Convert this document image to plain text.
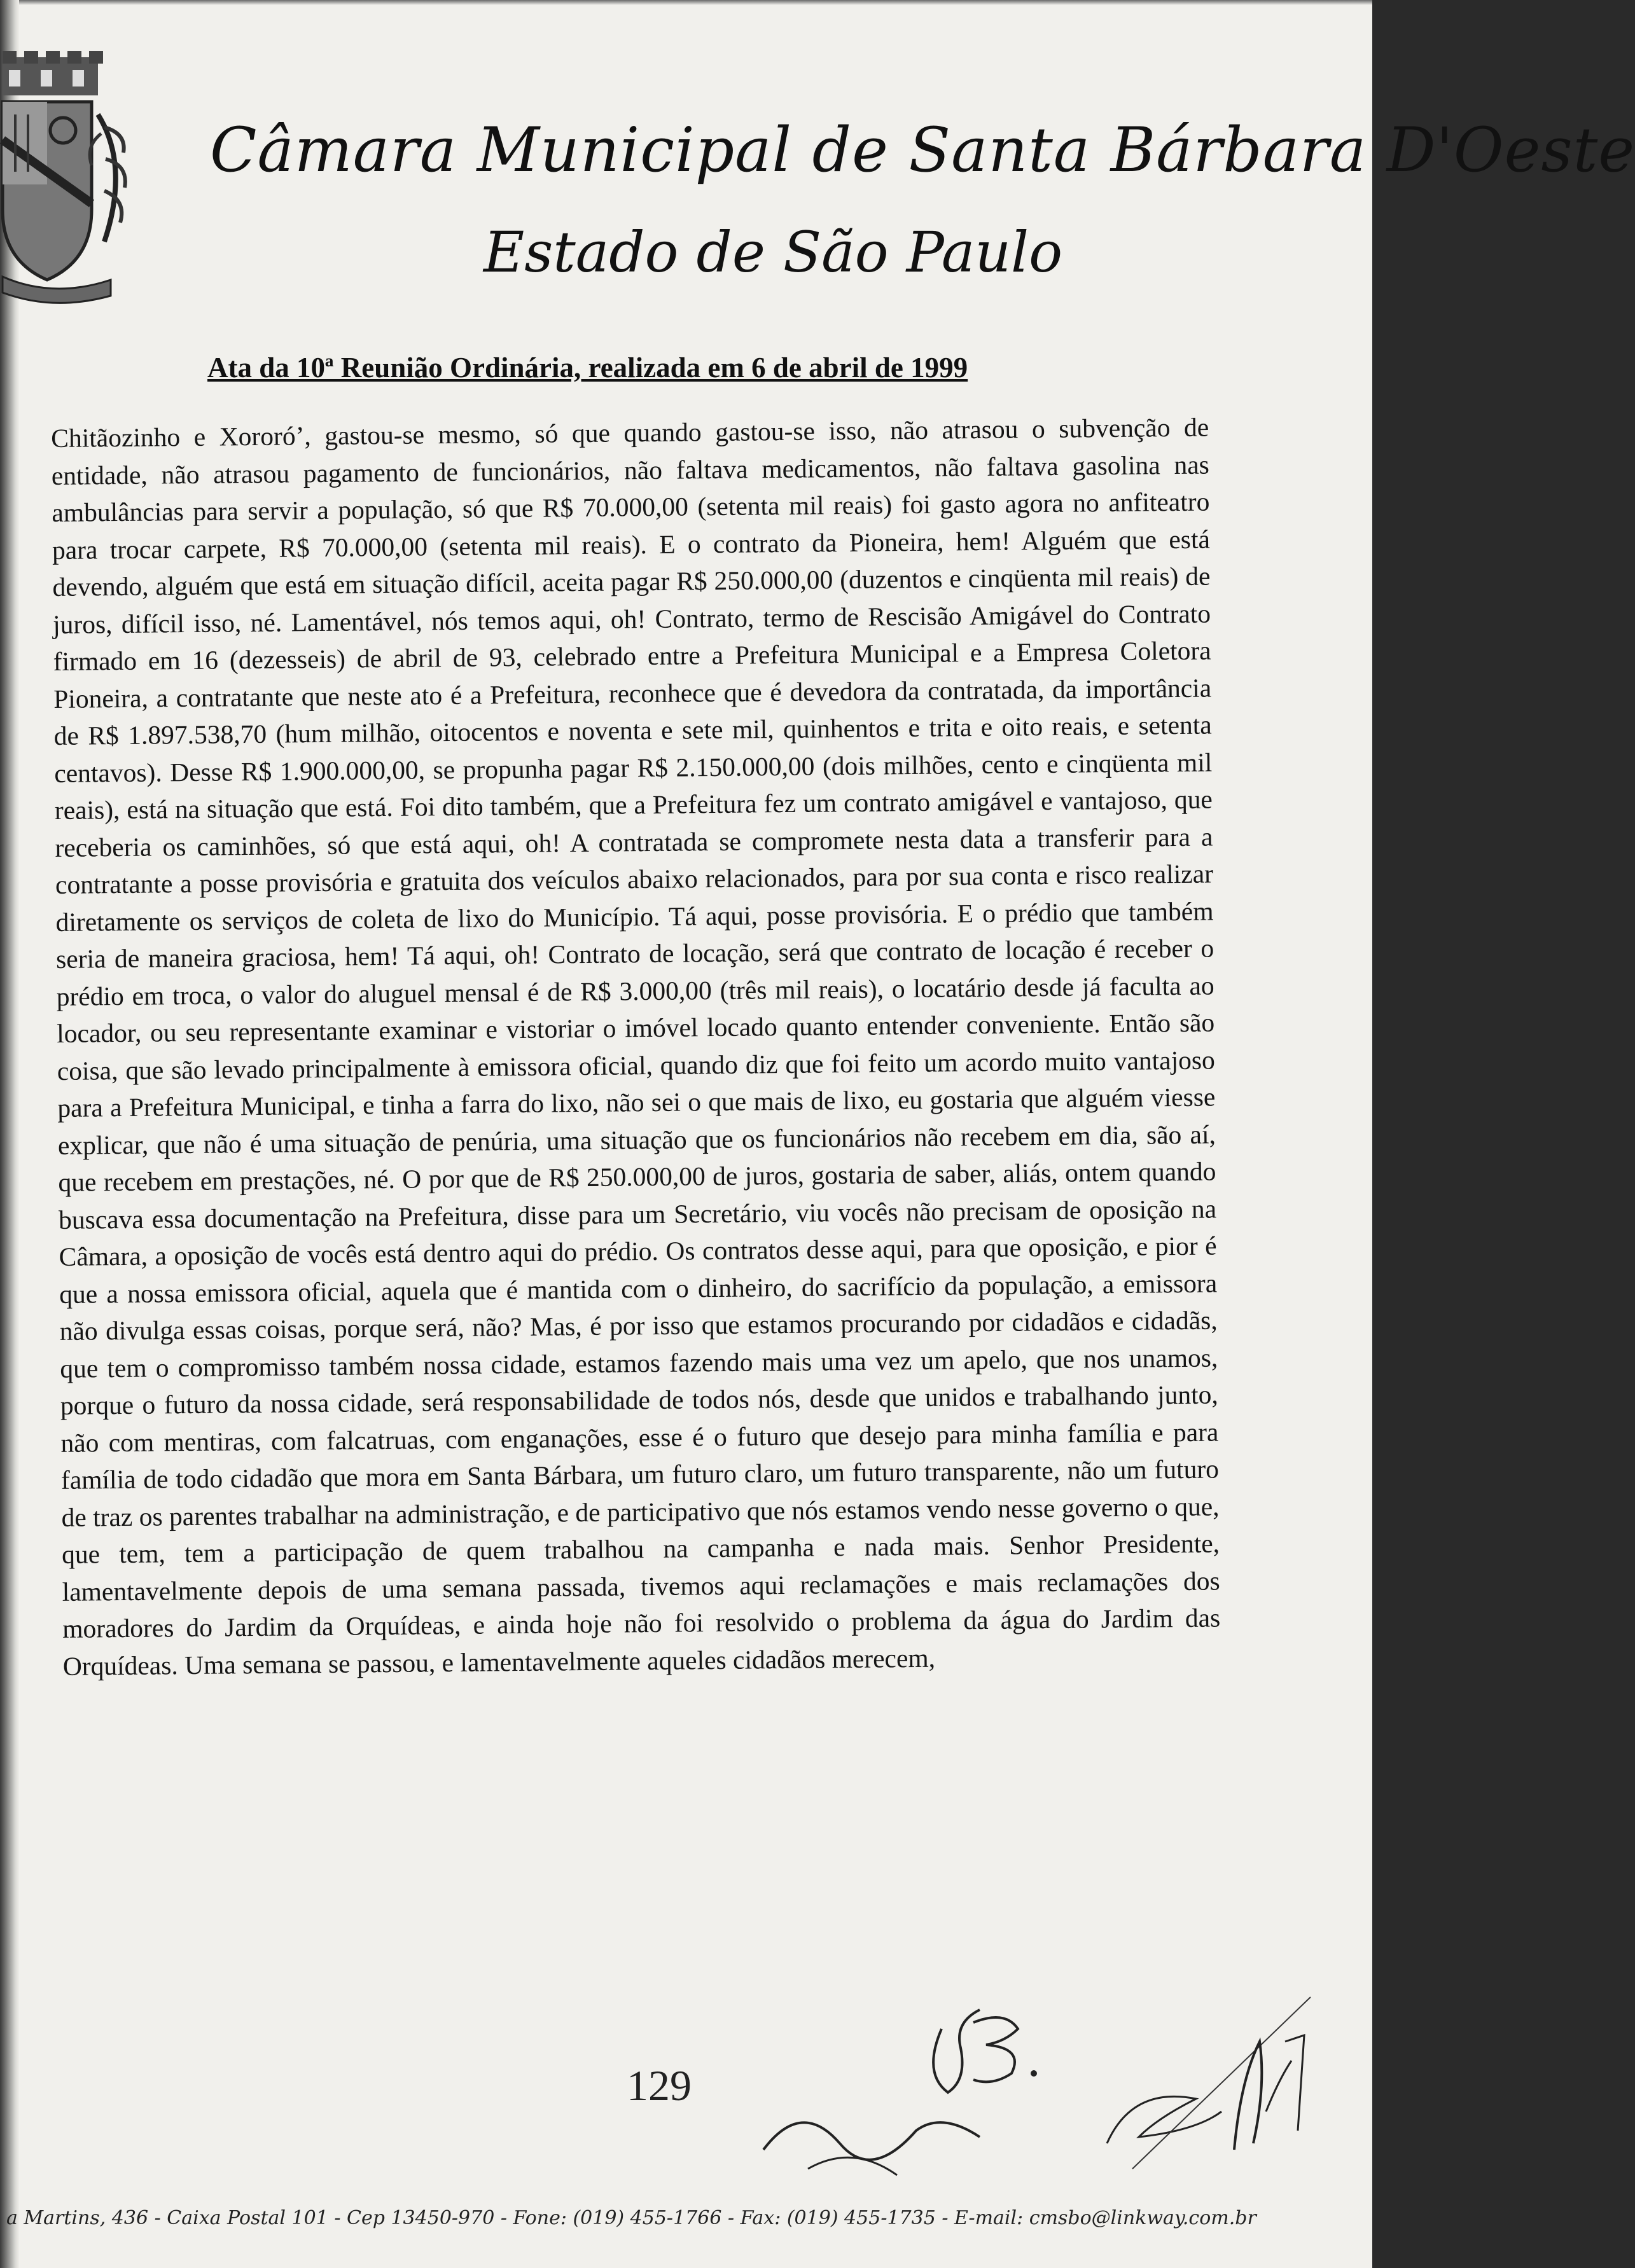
Câmara Municipal de Santa Bárbara D'Oeste
Estado de São Paulo
Ata da 10ª Reunião Ordinária, realizada em 6 de abril de 1999
Chitãozinho e Xororó’, gastou-se mesmo, só que quando gastou-se isso, não atrasou o subvenção de entidade, não atrasou pagamento de funcionários, não faltava medicamentos, não faltava gasolina nas ambulâncias para servir a população, só que R$ 70.000,00 (setenta mil reais) foi gasto agora no anfiteatro para trocar carpete, R$ 70.000,00 (setenta mil reais). E o contrato da Pioneira, hem! Alguém que está devendo, alguém que está em situação difícil, aceita pagar R$ 250.000,00 (duzentos e cinqüenta mil reais) de juros, difícil isso, né. Lamentável, nós temos aqui, oh! Contrato, termo de Rescisão Amigável do Contrato firmado em 16 (dezesseis) de abril de 93, celebrado entre a Prefeitura Municipal e a Empresa Coletora Pioneira, a contratante que neste ato é a Prefeitura, reconhece que é devedora da contratada, da importância de R$ 1.897.538,70 (hum milhão, oitocentos e noventa e sete mil, quinhentos e trita e oito reais, e setenta centavos). Desse R$ 1.900.000,00, se propunha pagar R$ 2.150.000,00 (dois milhões, cento e cinqüenta mil reais), está na situação que está. Foi dito também, que a Prefeitura fez um contrato amigável e vantajoso, que receberia os caminhões, só que está aqui, oh! A contratada se compromete nesta data a transferir para a contratante a posse provisória e gratuita dos veículos abaixo relacionados, para por sua conta e risco realizar diretamente os serviços de coleta de lixo do Município. Tá aqui, posse provisória. E o prédio que também seria de maneira graciosa, hem! Tá aqui, oh! Contrato de locação, será que contrato de locação é receber o prédio em troca, o valor do aluguel mensal é de R$ 3.000,00 (três mil reais), o locatário desde já faculta ao locador, ou seu representante examinar e vistoriar o imóvel locado quanto entender conveniente. Então são coisa, que são levado principalmente à emissora oficial, quando diz que foi feito um acordo muito vantajoso para a Prefeitura Municipal, e tinha a farra do lixo, não sei o que mais de lixo, eu gostaria que alguém viesse explicar, que não é uma situação de penúria, uma situação que os funcionários não recebem em dia, são aí, que recebem em prestações, né. O por que de R$ 250.000,00 de juros, gostaria de saber, aliás, ontem quando buscava essa documentação na Prefeitura, disse para um Secretário, viu vocês não precisam de oposição na Câmara, a oposição de vocês está dentro aqui do prédio. Os contratos desse aqui, para que oposição, e pior é que a nossa emissora oficial, aquela que é mantida com o dinheiro, do sacrifício da população, a emissora não divulga essas coisas, porque será, não? Mas, é por isso que estamos procurando por cidadãos e cidadãs, que tem o compromisso também nossa cidade, estamos fazendo mais uma vez um apelo, que nos unamos, porque o futuro da nossa cidade, será responsabilidade de todos nós, desde que unidos e trabalhando junto, não com mentiras, com falcatruas, com enganações, esse é o futuro que desejo para minha família e para família de todo cidadão que mora em Santa Bárbara, um futuro claro, um futuro transparente, não um futuro de traz os parentes trabalhar na administração, e de participativo que nós estamos vendo nesse governo o que, que tem, tem a participação de quem trabalhou na campanha e nada mais. Senhor Presidente, lamentavelmente depois de uma semana passada, tivemos aqui reclamações e mais reclamações dos moradores do Jardim da Orquídeas, e ainda hoje não foi resolvido o problema da água do Jardim das Orquídeas. Uma semana se passou, e lamentavelmente aqueles cidadãos merecem,
129
a Martins, 436 - Caixa Postal 101 - Cep 13450-970 - Fone: (019) 455-1766 - Fax: (019) 455-1735 - E-mail: cmsbo@linkway.com.br
